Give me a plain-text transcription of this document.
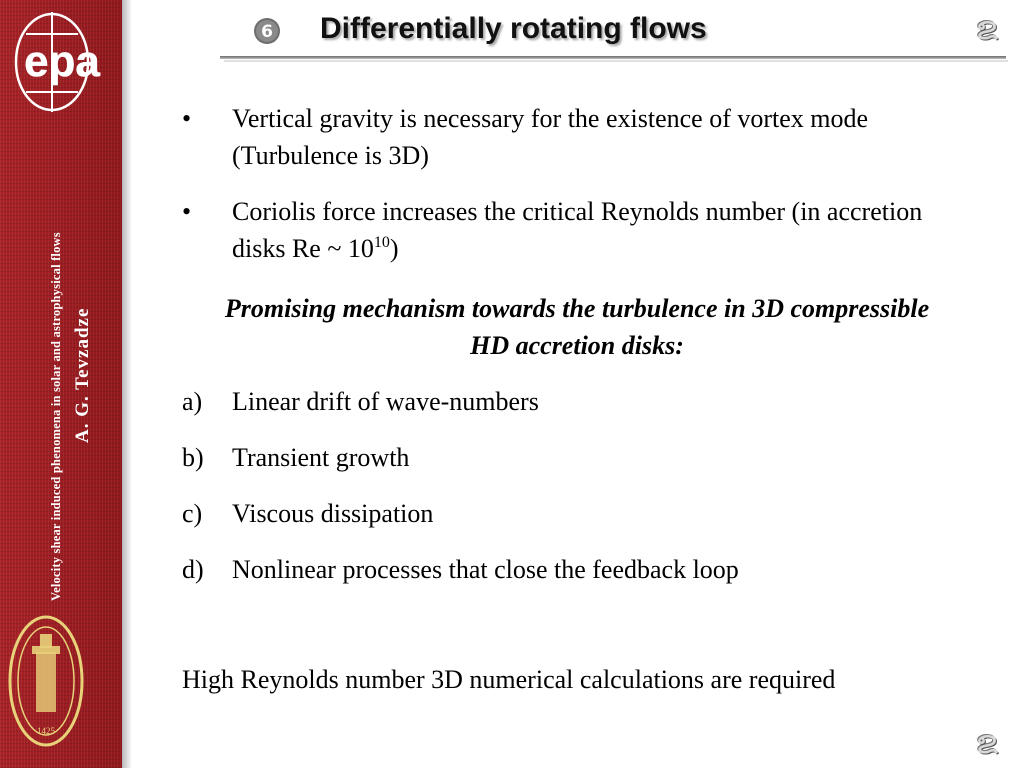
epa
Velocity shear induced phenomena in solar and astrophysical flows A. G. Tevzadze
1425
6 Differentially rotating flows	ຂ
ຂ
• Vertical gravity is necessary for the existence of vortex mode (Turbulence is 3D)
• Coriolis force increases the critical Reynolds number (in accretion disks Re ~ $10^{10}$)
Promising mechanism towards the turbulence in 3D compressible HD accretion disks:
a) Linear drift of wave-numbers
b) Transient growth
c) Viscous dissipation
d) Nonlinear processes that close the feedback loop
High Reynolds number 3D numerical calculations are required
